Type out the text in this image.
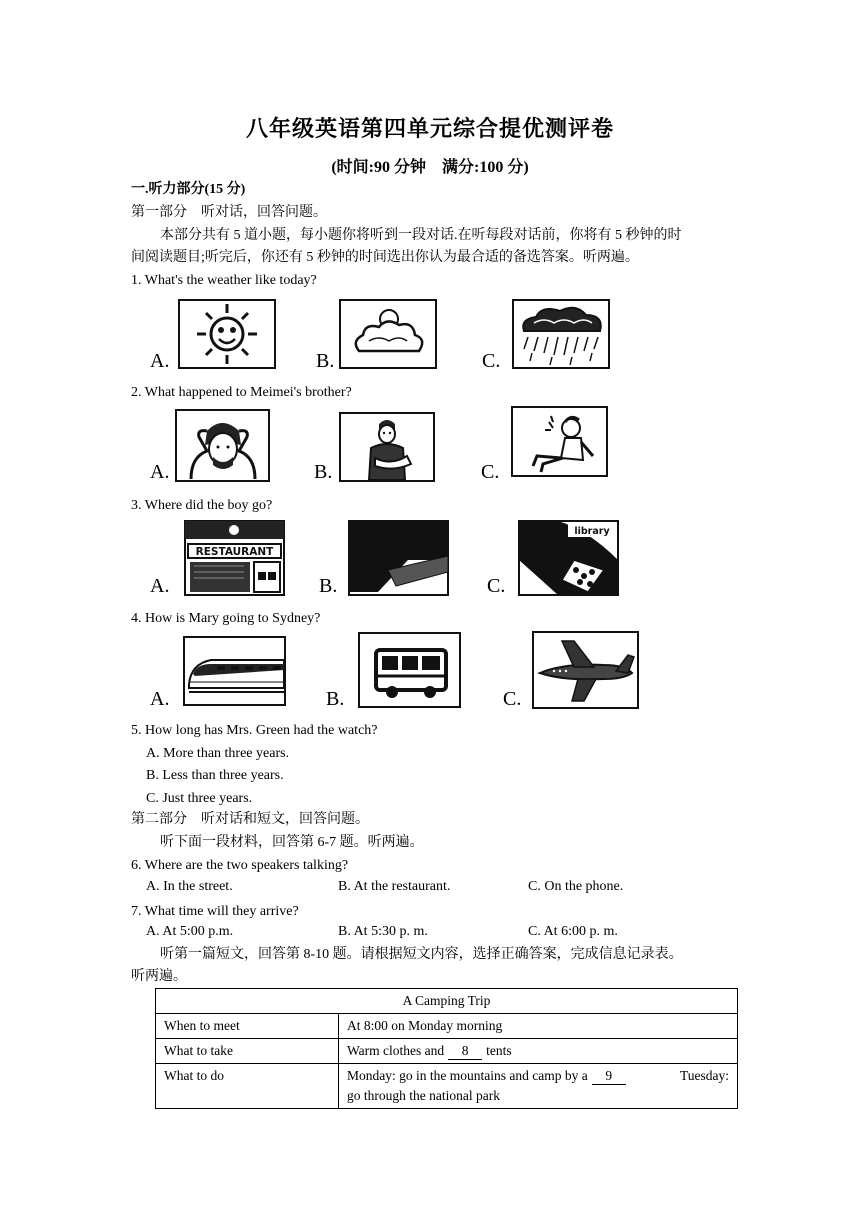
八年级英语第四单元综合提优测评卷
(时间:90 分钟　满分:100 分)
一.听力部分(15 分)
第一部分　听对话，回答问题。
本部分共有 5 道小题，每小题你将听到一段对话.在听每段对话前，你将有 5 秒钟的时
间阅读题目;听完后，你还有 5 秒钟的时间选出你认为最合适的备选答案。听两遍。
1. What's the weather like today?
A.	B.	C.
2. What happened to Meimei's brother?
A.	B.	C.
3. Where did the boy go?
A.
RESTAURANT
B.	C.
library
4. How is Mary going to Sydney?
A.	B.	C.
5. How long has Mrs. Green had the watch?
A. More than three years.
B. Less than three years.
C. Just three years.
第二部分　听对话和短文，回答问题。
听下面一段材料，回答第 6-7 题。听两遍。
6. Where are the two speakers talking?
A. In the street.	B. At the restaurant.	C. On the phone.
7. What time will they arrive?
A. At 5:00 p.m.	B. At 5:30 p. m.	C. At 6:00 p. m.
听第一篇短文，回答第 8-10 题。请根据短文内容，选择正确答案，完成信息记录表。
听两遍。
A Camping Trip	
When to meet	At 8:00 on Monday morning
What to take	Warm clothes and 8 tents
What to do	Monday: go in the mountains and camp by a 9 Tuesday:
go through the national park
